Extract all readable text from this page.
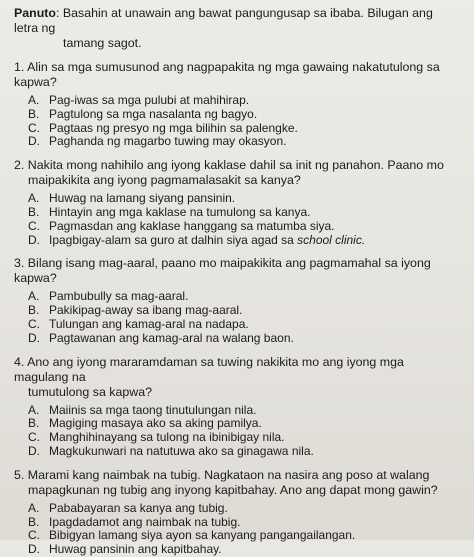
Panuto: Basahin at unawain ang bawat pangungusap sa ibaba. Bilugan ang letra ng
tamang sagot.
1. Alin sa mga sumusunod ang nagpapakita ng mga gawaing nakatutulong sa kapwa?
A. Pag-iwas sa mga pulubi at mahihirap.
B. Pagtulong sa mga nasalanta ng bagyo.
C. Pagtaas ng presyo ng mga bilihin sa palengke.
D. Paghanda ng magarbo tuwing may okasyon.
2. Nakita mong nahihilo ang iyong kaklase dahil sa init ng panahon. Paano mo
maipakikita ang iyong pagmamalasakit sa kanya?
A. Huwag na lamang siyang pansinin.
B. Hintayin ang mga kaklase na tumulong sa kanya.
C. Pagmasdan ang kaklase hanggang sa matumba siya.
D. Ipagbigay-alam sa guro at dalhin siya agad sa school clinic.
3. Bilang isang mag-aaral, paano mo maipakikita ang pagmamahal sa iyong kapwa?
A. Pambubully sa mag-aaral.
B. Pakikipag-away sa ibang mag-aaral.
C. Tulungan ang kamag-aral na nadapa.
D. Pagtawanan ang kamag-aral na walang baon.
4. Ano ang iyong mararamdaman sa tuwing nakikita mo ang iyong mga magulang na
tumutulong sa kapwa?
A. Maiinis sa mga taong tinutulungan nila.
B. Magiging masaya ako sa aking pamilya.
C. Manghihinayang sa tulong na ibinibigay nila.
D. Magkukunwari na natutuwa ako sa ginagawa nila.
5. Marami kang naimbak na tubig. Nagkataon na nasira ang poso at walang
mapagkunan ng tubig ang inyong kapitbahay. Ano ang dapat mong gawin?
A. Pababayaran sa kanya ang tubig.
B. Ipagdadamot ang naimbak na tubig.
C. Bibigyan lamang siya ayon sa kanyang pangangailangan.
D. Huwag pansinin ang kapitbahay.
